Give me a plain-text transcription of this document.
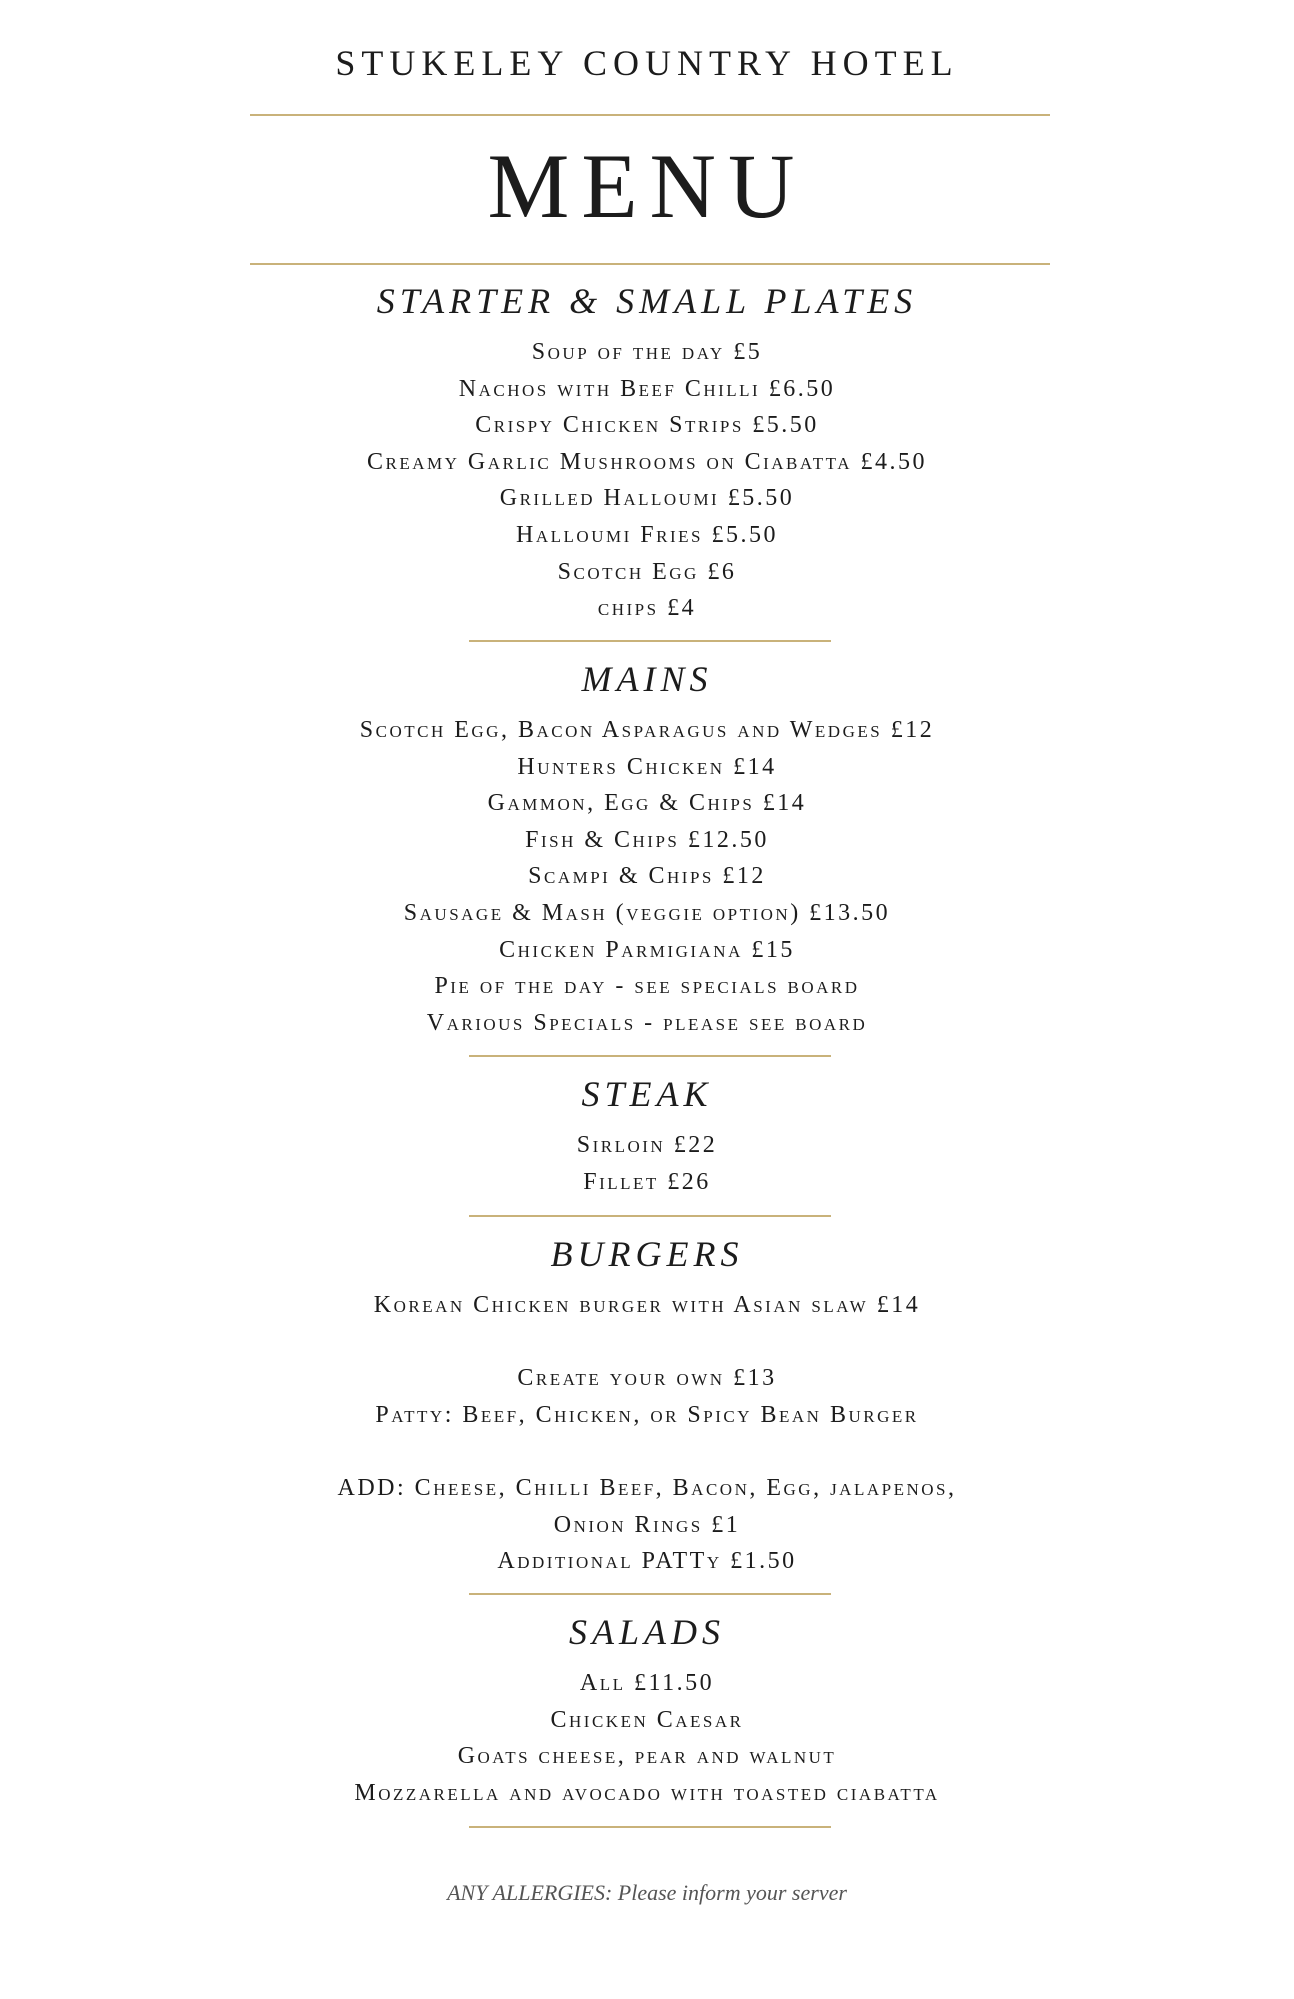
STUKELEY COUNTRY HOTEL
MENU
STARTER & SMALL PLATES
Soup of the day £5
Nachos with Beef Chilli £6.50
Crispy Chicken Strips £5.50
Creamy Garlic Mushrooms on Ciabatta £4.50
Grilled Halloumi £5.50
Halloumi Fries £5.50
Scotch Egg £6
chips £4
MAINS
Scotch Egg, Bacon Asparagus and Wedges £12
Hunters Chicken £14
Gammon, Egg & Chips £14
Fish & Chips £12.50
Scampi & Chips £12
Sausage & Mash (veggie option) £13.50
Chicken Parmigiana £15
Pie of the day - see specials board
Various Specials - please see board
STEAK
Sirloin £22
Fillet £26
BURGERS
Korean Chicken burger with Asian slaw £14
Create your own £13
Patty: Beef, Chicken, or Spicy Bean Burger
ADD: Cheese, Chilli Beef, Bacon, Egg, jalapenos,
Onion Rings £1
Additional PATTy £1.50
SALADS
All £11.50
Chicken Caesar
Goats cheese, pear and walnut
Mozzarella and avocado with toasted ciabatta
ANY ALLERGIES: Please inform your server
